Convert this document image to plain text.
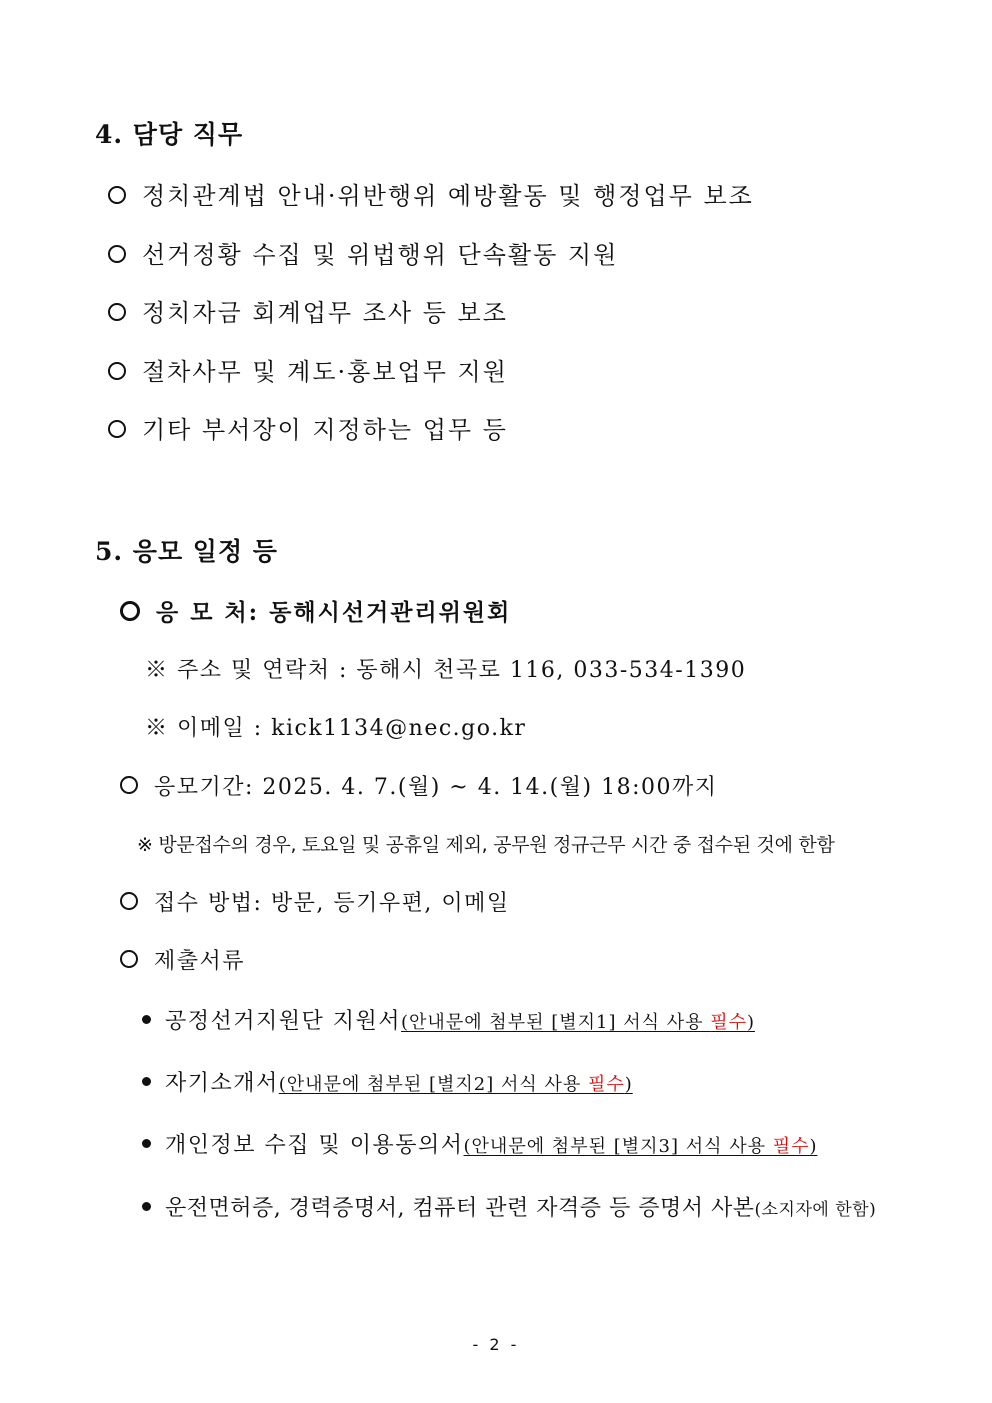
4. 담당 직무
정치관계법 안내·위반행위 예방활동 및 행정업무 보조
선거정황 수집 및 위법행위 단속활동 지원
정치자금 회계업무 조사 등 보조
절차사무 및 계도·홍보업무 지원
기타 부서장이 지정하는 업무 등
5. 응모 일정 등
응 모 처: 동해시선거관리위원회
※ 주소 및 연락처 : 동해시 천곡로 116, 033-534-1390
※ 이메일 : kick1134@nec.go.kr
응모기간: 2025. 4. 7.(월) ~ 4. 14.(월) 18:00까지
※ 방문접수의 경우, 토요일 및 공휴일 제외, 공무원 정규근무 시간 중 접수된 것에 한함
접수 방법: 방문, 등기우편, 이메일
제출서류
공정선거지원단 지원서(안내문에 첨부된 [별지1] 서식 사용 필수)
자기소개서(안내문에 첨부된 [별지2] 서식 사용 필수)
개인정보 수집 및 이용동의서(안내문에 첨부된 [별지3] 서식 사용 필수)
운전면허증, 경력증명서, 컴퓨터 관련 자격증 등 증명서 사본(소지자에 한함)
- 2 -
